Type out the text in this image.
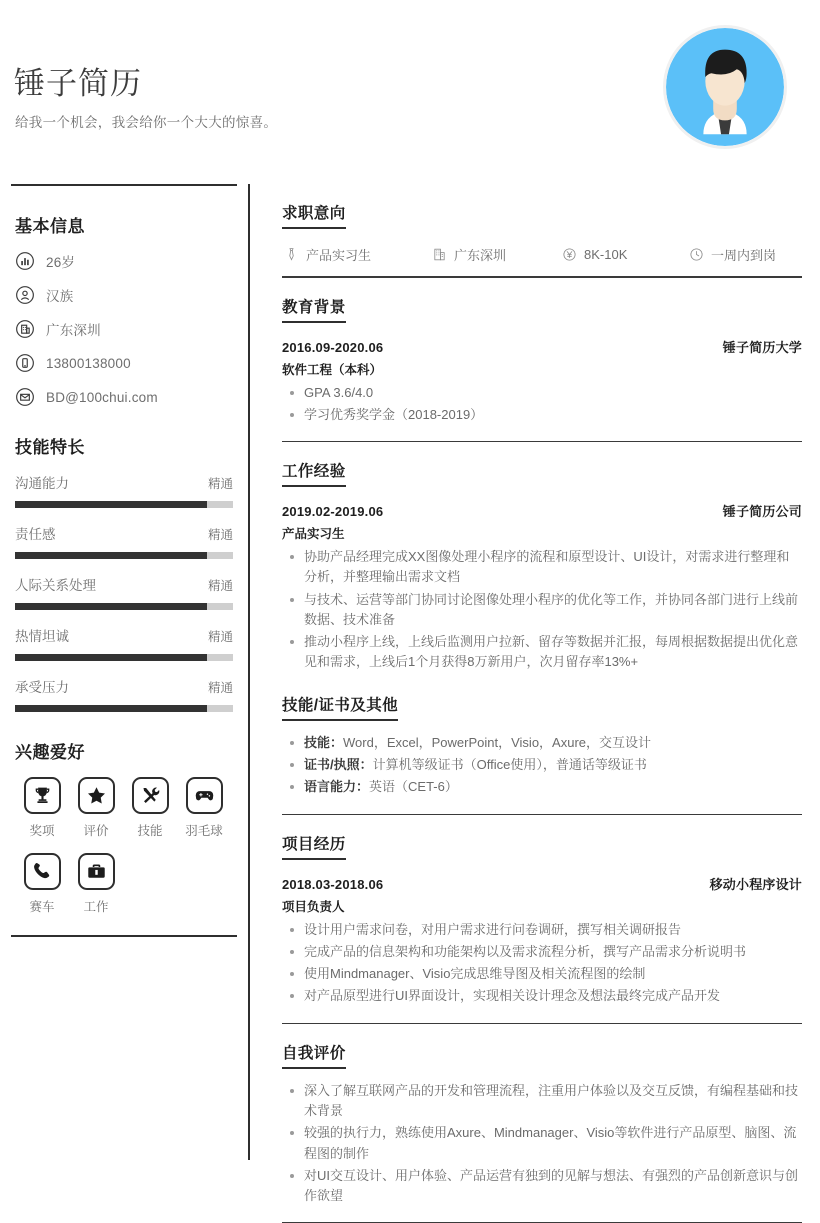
锤子简历
给我一个机会，我会给你一个大大的惊喜。
基本信息
26岁
汉族
广东深圳
13800138000
BD@100chui.com
技能特长
沟通能力	精通
责任感	精通
人际关系处理	精通
热情坦诚	精通
承受压力	精通
兴趣爱好
奖项	评价	技能	羽毛球
赛车	工作
求职意向
产品实习生	广东深圳	8K-10K	一周内到岗
教育背景
2016.09-2020.06	锤子简历大学
软件工程（本科）
GPA 3.6/4.0
学习优秀奖学金（2018-2019）
工作经验
2019.02-2019.06	锤子简历公司
产品实习生
协助产品经理完成XX图像处理小程序的流程和原型设计、UI设计，对需求进行整理和分析，并整理输出需求文档
与技术、运营等部门协同讨论图像处理小程序的优化等工作，并协同各部门进行上线前数据、技术准备
推动小程序上线，上线后监测用户拉新、留存等数据并汇报，每周根据数据提出优化意见和需求，上线后1个月获得8万新用户，次月留存率13%+
技能/证书及其他
技能：Word，Excel，PowerPoint，Visio，Axure，交互设计
证书/执照：计算机等级证书（Office使用），普通话等级证书
语言能力：英语（CET-6）
项目经历
2018.03-2018.06	移动小程序设计
项目负责人
设计用户需求问卷，对用户需求进行问卷调研，撰写相关调研报告
完成产品的信息架构和功能架构以及需求流程分析，撰写产品需求分析说明书
使用Mindmanager、Visio完成思维导图及相关流程图的绘制
对产品原型进行UI界面设计，实现相关设计理念及想法最终完成产品开发
自我评价
深入了解互联网产品的开发和管理流程，注重用户体验以及交互反馈，有编程基础和技术背景
较强的执行力，熟练使用Axure、Mindmanager、Visio等软件进行产品原型、脑图、流程图的制作
对UI交互设计、用户体验、产品运营有独到的见解与想法、有强烈的产品创新意识与创作欲望
